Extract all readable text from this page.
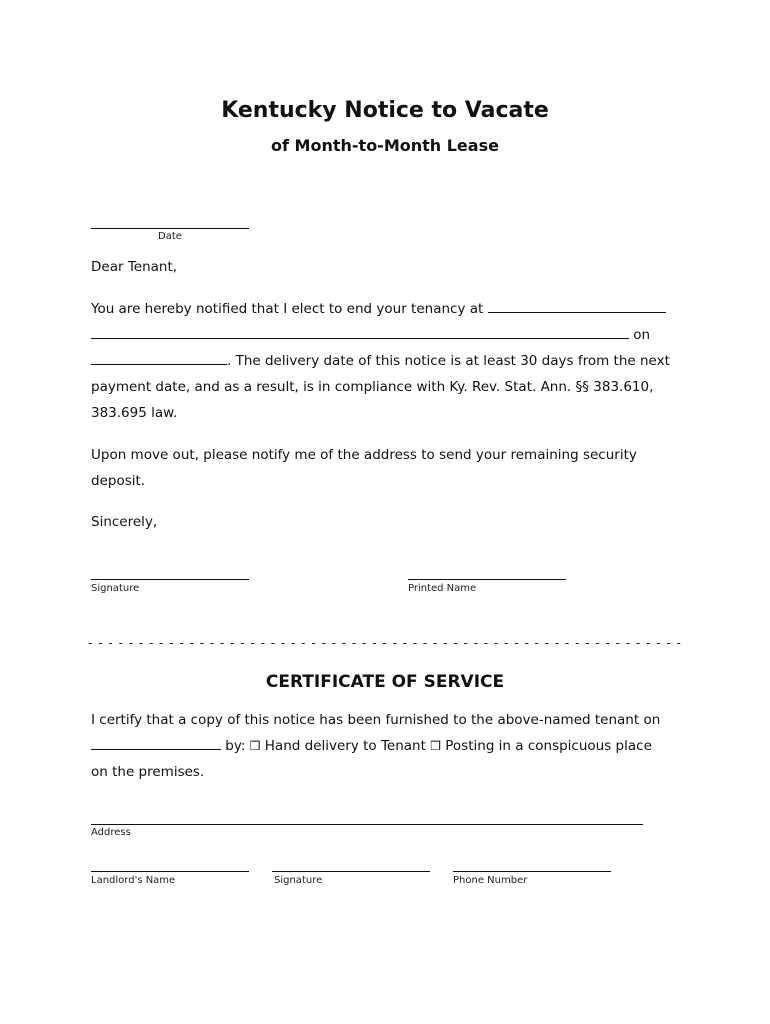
Kentucky Notice to Vacate
of Month-to-Month Lease
Date
Dear Tenant,
You are hereby notified that I elect to end your tenancy at
on
. The delivery date of this notice is at least 30 days from the next payment date, and as a result, is in compliance with Ky. Rev. Stat. Ann. §§ 383.610, 383.695 law.
Upon move out, please notify me of the address to send your remaining security deposit.
Sincerely,
Signature	Printed Name
- - - - - - - - - - - - - - - - - - - - - - - - - - - - - - - - - - - - - - - - - - - - - - - - - - - - - - - - - - -
CERTIFICATE OF SERVICE
I certify that a copy of this notice has been furnished to the above-named tenant on
by: ❒ Hand delivery to Tenant ❒ Posting in a conspicuous place
on the premises.
Address
Landlord's Name	Signature	Phone Number
